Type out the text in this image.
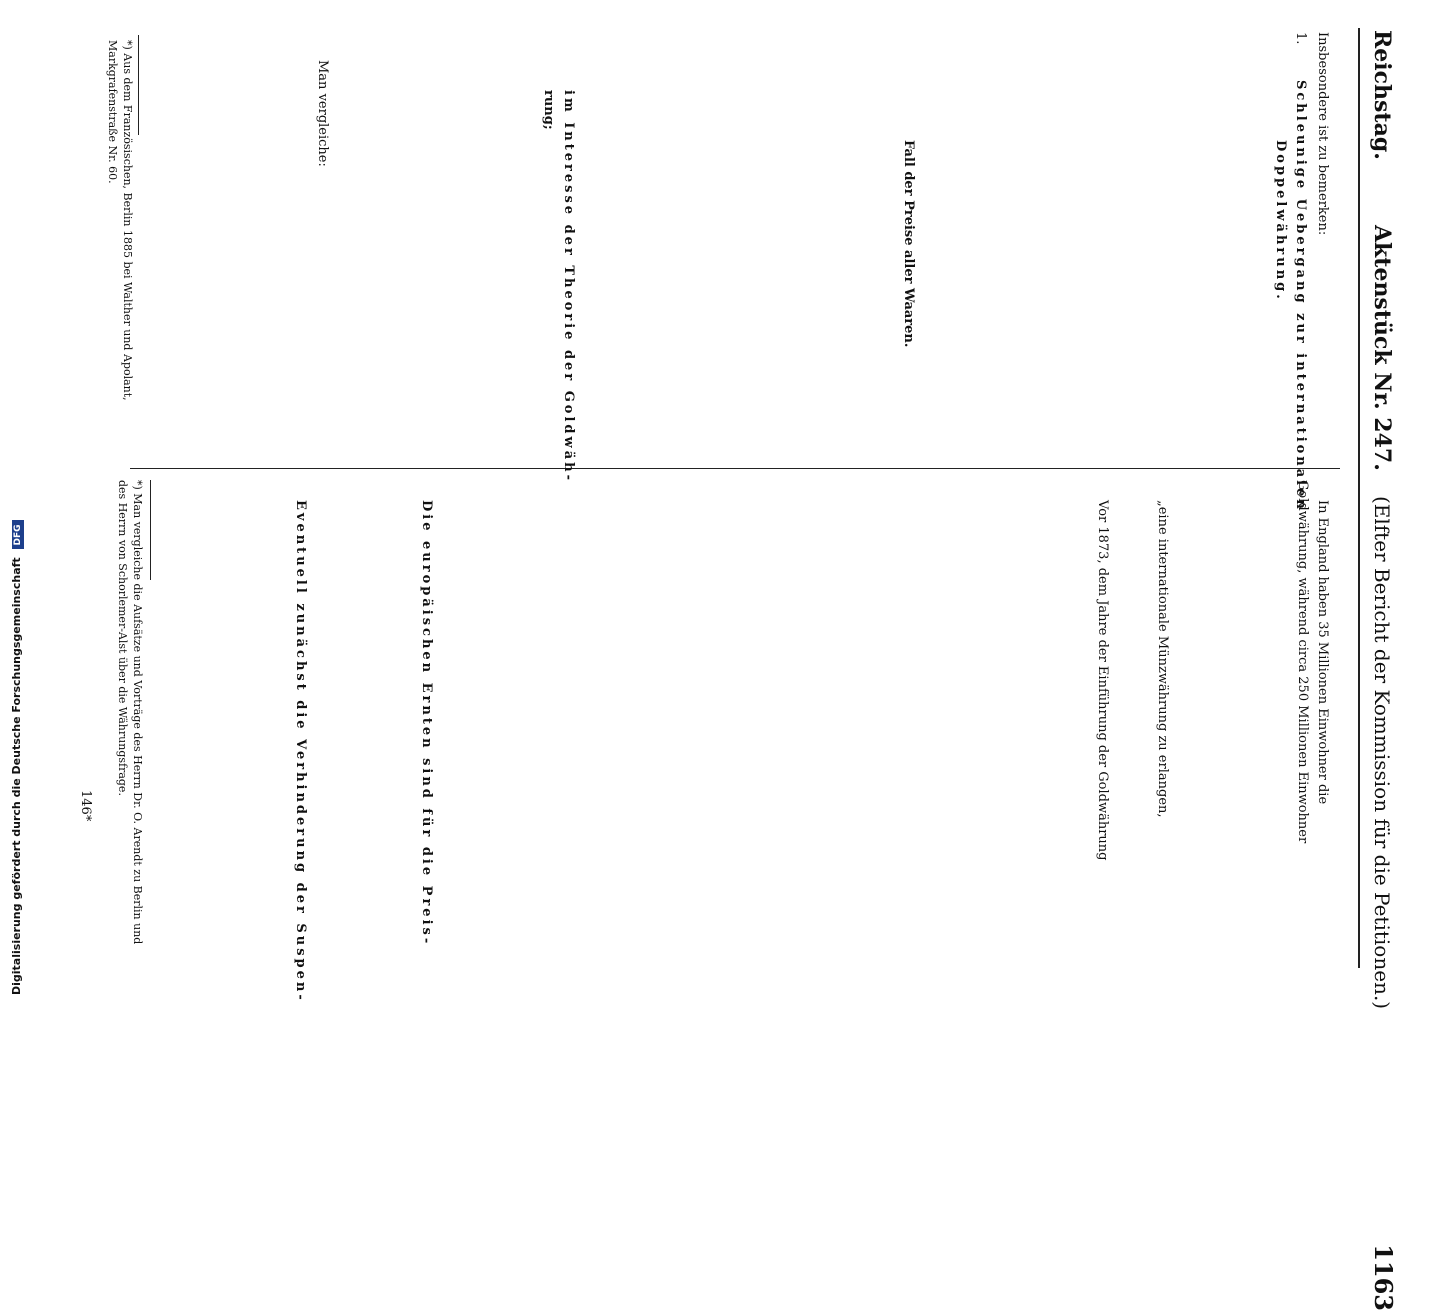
Reichstag. Aktenstück Nr. 247. (Elfter Bericht der Kommission für die Petitionen.) 1163
Insbesondere ist zu bemerken:
1.
Schleunige Uebergang zur internationalen
Doppelwährung.
Fall der Preise aller Waaren.
im Interesse der Theorie der Goldwäh-
rung;
Man vergleiche:
*) Aus dem Französischen, Berlin 1885 bei Walther und Apolant, Markgrafenstraße Nr. 60.
In England haben 35 Millionen Einwohner die
Goldwährung, während circa 250 Millionen Einwohner
„eine internationale Münzwährung zu erlangen,
Vor 1873, dem Jahre der Einführung der Goldwährung
Die europäischen Ernten sind für die Preis-
Eventuell zunächst die Verhinderung der Suspen-
146*	*) Man vergleiche die Aufsätze und Vorträge des Herrn Dr. O. Arendt zu Berlin und des Herrn von Schorlemer-Alst über die Währungsfrage.
Digitalisierung gefördert durch die Deutsche Forschungsgemeinschaft DFG
